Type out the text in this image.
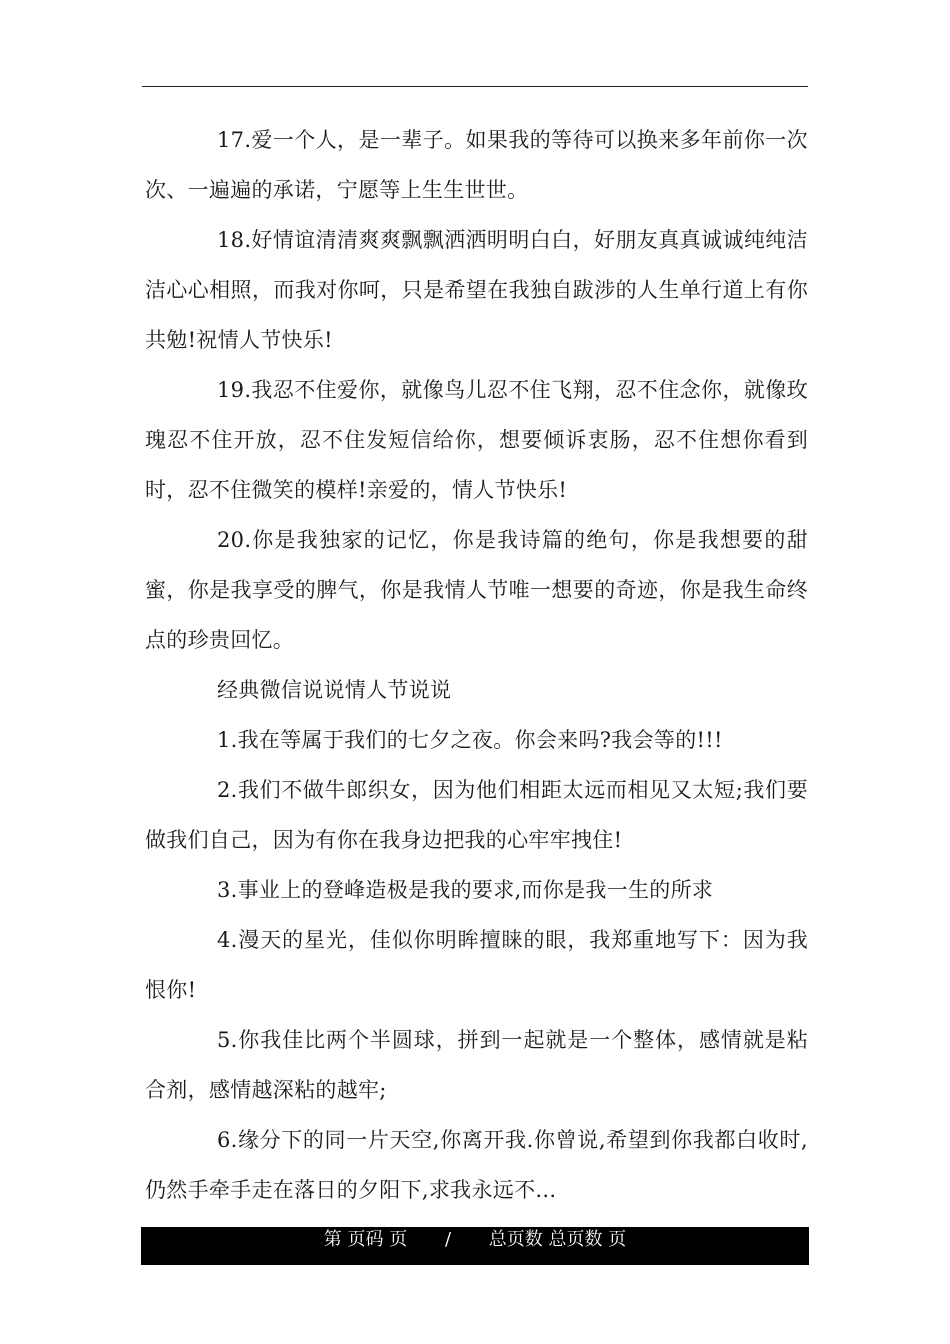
17.爱一个人，是一辈子。如果我的等待可以换来多年前你一次次、一遍遍的承诺，宁愿等上生生世世。

18.好情谊清清爽爽飘飘洒洒明明白白，好朋友真真诚诚纯纯洁洁心心相照，而我对你呵，只是希望在我独自跋涉的人生单行道上有你共勉!祝情人节快乐!

19.我忍不住爱你，就像鸟儿忍不住飞翔，忍不住念你，就像玫瑰忍不住开放，忍不住发短信给你，想要倾诉衷肠，忍不住想你看到时，忍不住微笑的模样!亲爱的，情人节快乐!

20.你是我独家的记忆，你是我诗篇的绝句，你是我想要的甜蜜，你是我享受的脾气，你是我情人节唯一想要的奇迹，你是我生命终点的珍贵回忆。

经典微信说说情人节说说

1.我在等属于我们的七夕之夜。你会来吗?我会等的!!!

2.我们不做牛郎织女，因为他们相距太远而相见又太短;我们要做我们自己，因为有你在我身边把我的心牢牢拽住!

3.事业上的登峰造极是我的要求,而你是我一生的所求

4.漫天的星光，佳似你明眸擅睐的眼，我郑重地写下：因为我恨你!

5.你我佳比两个半圆球，拼到一起就是一个整体，感情就是粘合剂，感情越深粘的越牢;

6.缘分下的同一片天空,你离开我.你曾说,希望到你我都白收时,仍然手牵手走在落日的夕阳下,求我永远不...

第 页码 页 / 总页数 总页数 页
